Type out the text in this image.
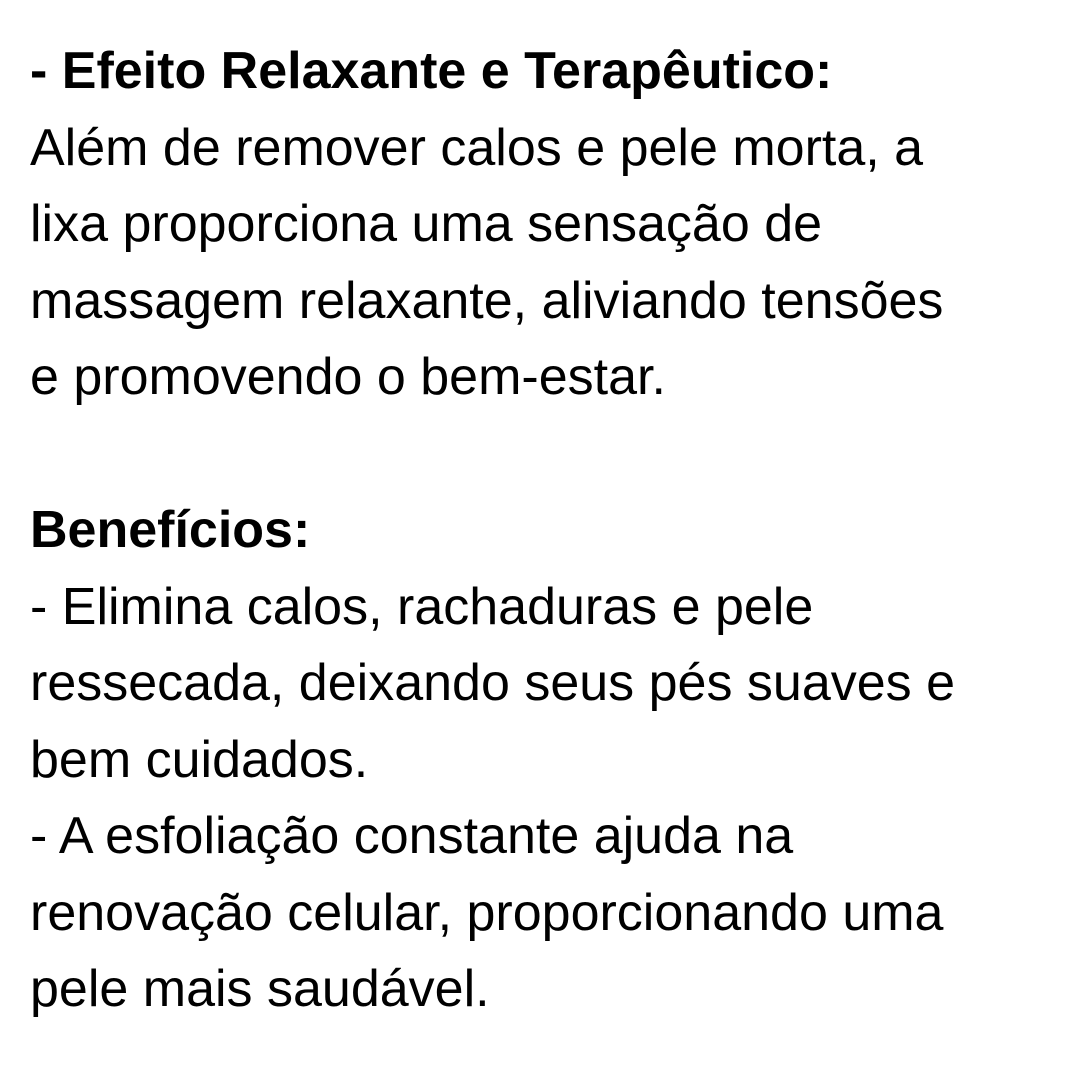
- Efeito Relaxante e Terapêutico:
Além de remover calos e pele morta, a
lixa proporciona uma sensação de
massagem relaxante, aliviando tensões
e promovendo o bem-estar.

Benefícios:
- Elimina calos, rachaduras e pele
ressecada, deixando seus pés suaves e
bem cuidados.
- A esfoliação constante ajuda na
renovação celular, proporcionando uma
pele mais saudável.
